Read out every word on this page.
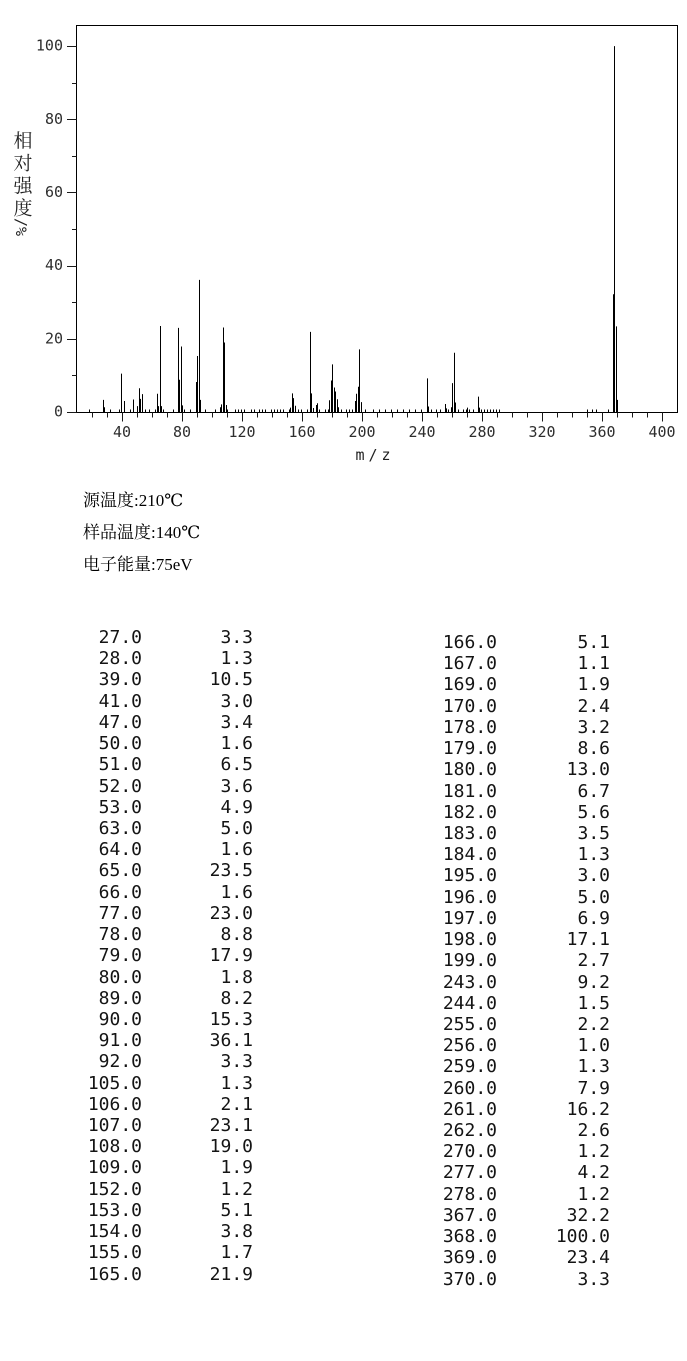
0
20
40
60
80
100
40	80 120 160 200 240 280 320 360 400
m/z
相
对
强
度
/%
源温度:210℃
样品温度:140℃
电子能量:75eV
27.0	3.3
28.0	1.3
39.0	10.5
41.0	3.0
47.0	3.4
50.0	1.6
51.0	6.5
52.0	3.6
53.0	4.9
63.0	5.0
64.0	1.6
65.0	23.5
66.0	1.6
77.0	23.0
78.0	8.8
79.0	17.9
80.0	1.8
89.0	8.2
90.0	15.3
91.0	36.1
92.0	3.3
105.0	1.3
106.0	2.1
107.0	23.1
108.0	19.0
109.0	1.9
152.0	1.2
153.0	5.1
154.0	3.8
155.0	1.7
165.0	21.9
166.0	5.1
167.0	1.1
169.0	1.9
170.0	2.4
178.0	3.2
179.0	8.6
180.0	13.0
181.0	6.7
182.0	5.6
183.0	3.5
184.0	1.3
195.0	3.0
196.0	5.0
197.0	6.9
198.0	17.1
199.0	2.7
243.0	9.2
244.0	1.5
255.0	2.2
256.0	1.0
259.0	1.3
260.0	7.9
261.0	16.2
262.0	2.6
270.0	1.2
277.0	4.2
278.0	1.2
367.0	32.2
368.0	100.0
369.0	23.4
370.0	3.3
